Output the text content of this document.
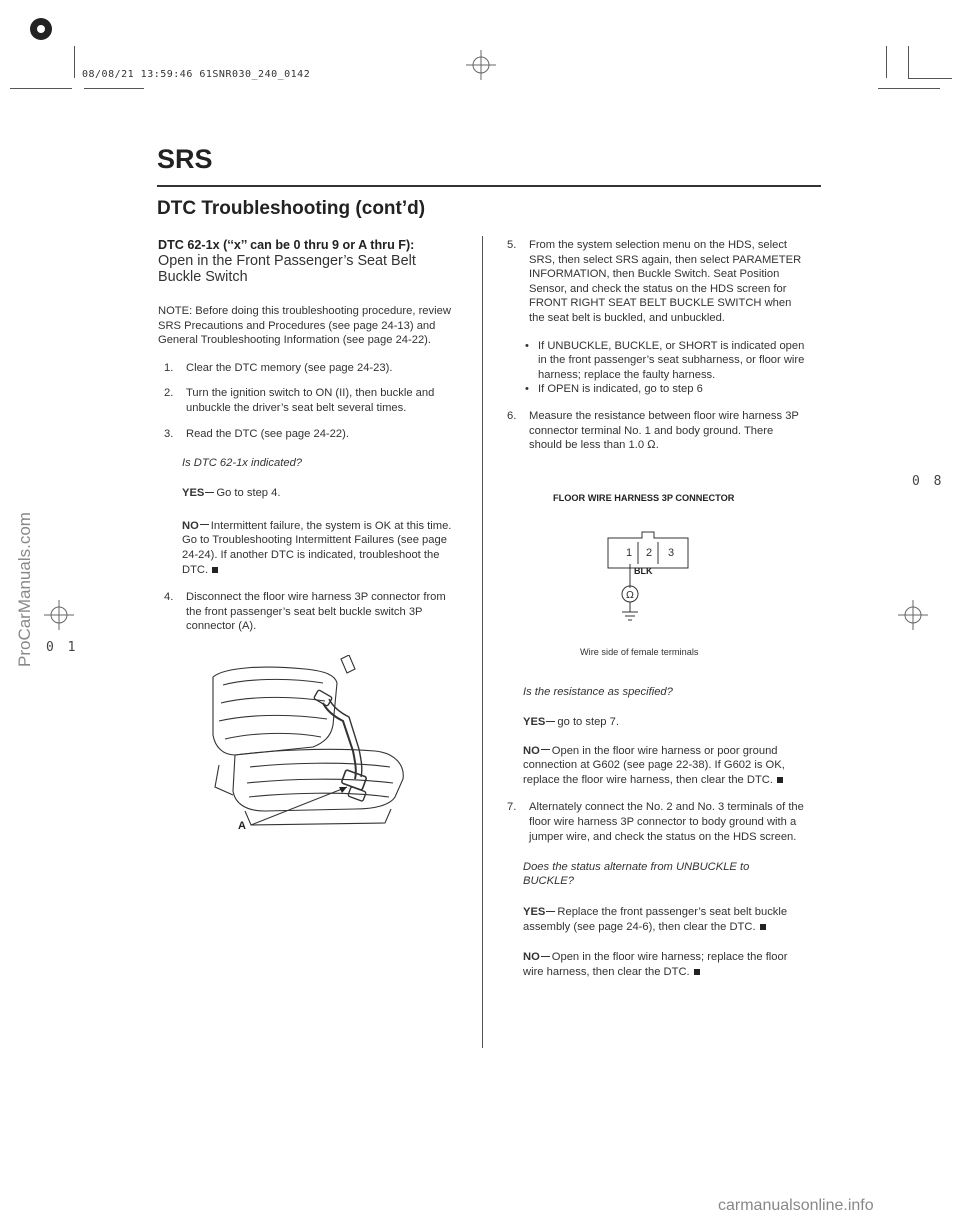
08/08/21 13:59:46 61SNR030_240_0142
0 8
0 1
ProCarManuals.com
carmanualsonline.info
SRS
DTC Troubleshooting (cont’d)
DTC 62-1x (‘‘x’’ can be 0 thru 9 or A thru F):
Open in the Front Passenger’s Seat Belt Buckle Switch
NOTE: Before doing this troubleshooting procedure, review SRS Precautions and Procedures (see page 24-13) and General Troubleshooting Information (see page 24-22).
1. Clear the DTC memory (see page 24-23).
2. Turn the ignition switch to ON (II), then buckle and unbuckle the driver’s seat belt several times.
3. Read the DTC (see page 24-22).
Is DTC 62-1x indicated?
YES Go to step 4.
NO Intermittent failure, the system is OK at this time. Go to Troubleshooting Intermittent Failures (see page 24-24). If another DTC is indicated, troubleshoot the DTC.
4. Disconnect the floor wire harness 3P connector from the front passenger’s seat belt buckle switch 3P connector (A).
A
5. From the system selection menu on the HDS, select SRS, then select SRS again, then select PARAMETER INFORMATION, then Buckle Switch. Seat Position Sensor, and check the status on the HDS screen for FRONT RIGHT SEAT BELT BUCKLE SWITCH when the seat belt is buckled, and unbuckled.
• If UNBUCKLE, BUCKLE, or SHORT is indicated open in the front passenger’s seat subharness, or floor wire harness; replace the faulty harness.
• If OPEN is indicated, go to step 6
6. Measure the resistance between floor wire harness 3P connector terminal No. 1 and body ground. There should be less than 1.0 Ω.
FLOOR WIRE HARNESS 3P CONNECTOR
Ω
1 2 3
BLK
Wire side of female terminals
Is the resistance as specified?
YES go to step 7.
NO Open in the floor wire harness or poor ground connection at G602 (see page 22-38). If G602 is OK, replace the floor wire harness, then clear the DTC.
7. Alternately connect the No. 2 and No. 3 terminals of the floor wire harness 3P connector to body ground with a jumper wire, and check the status on the HDS screen.
Does the status alternate from UNBUCKLE to BUCKLE?
YES Replace the front passenger’s seat belt buckle assembly (see page 24-6), then clear the DTC.
NO Open in the floor wire harness; replace the floor wire harness, then clear the DTC.
